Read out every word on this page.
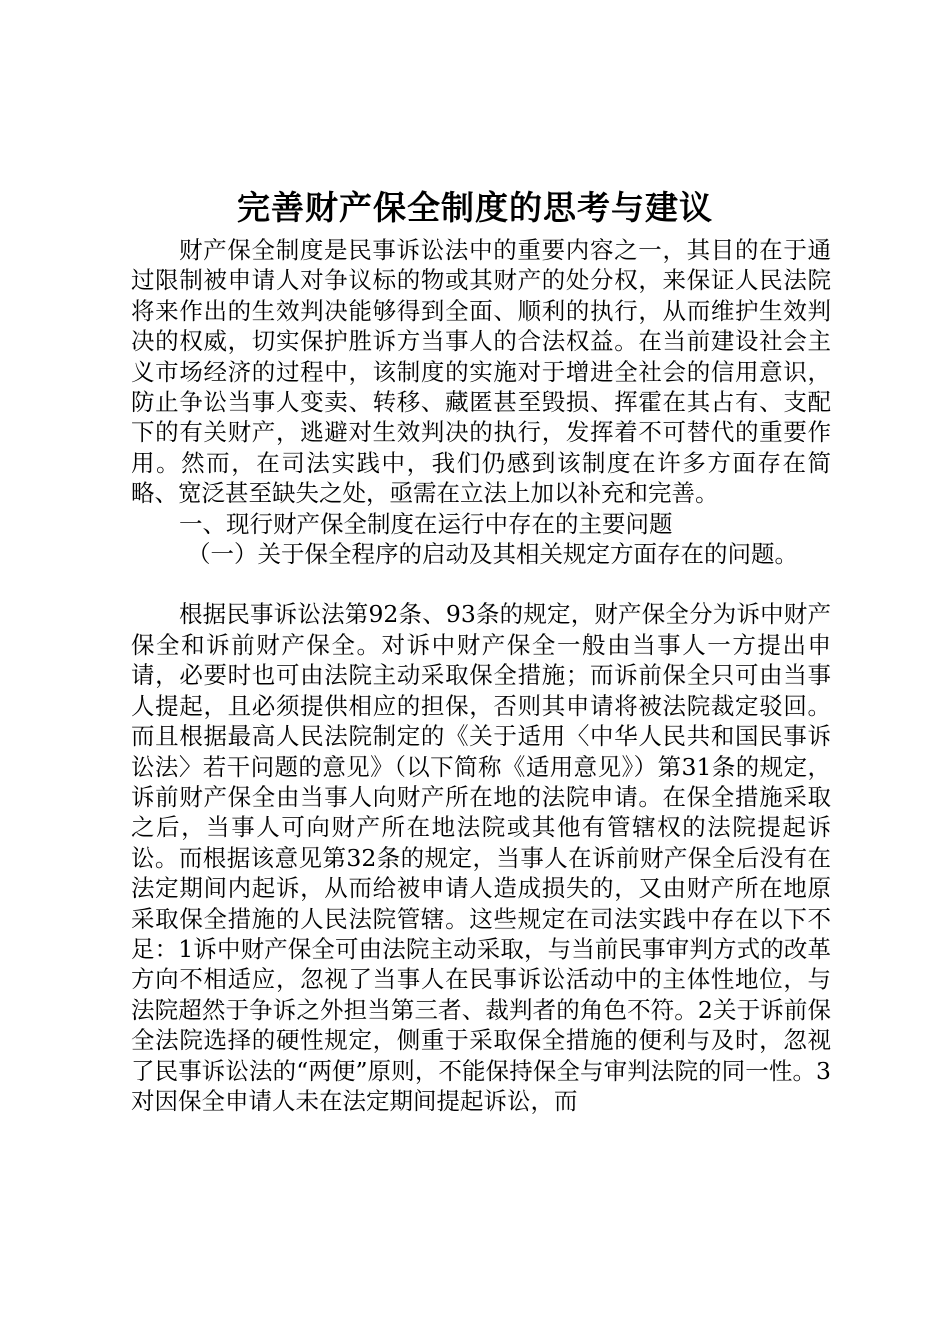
完善财产保全制度的思考与建议

财产保全制度是民事诉讼法中的重要内容之一，其目的在于通过限制被申请人对争议标的物或其财产的处分权，来保证人民法院将来作出的生效判决能够得到全面、顺利的执行，从而维护生效判决的权威，切实保护胜诉方当事人的合法权益。在当前建设社会主义市场经济的过程中，该制度的实施对于增进全社会的信用意识，防止争讼当事人变卖、转移、藏匿甚至毁损、挥霍在其占有、支配下的有关财产，逃避对生效判决的执行，发挥着不可替代的重要作用。然而，在司法实践中，我们仍感到该制度在许多方面存在简略、宽泛甚至缺失之处，亟需在立法上加以补充和完善。

一、现行财产保全制度在运行中存在的主要问题

（一）关于保全程序的启动及其相关规定方面存在的问题。

根据民事诉讼法第92条、93条的规定，财产保全分为诉中财产保全和诉前财产保全。对诉中财产保全一般由当事人一方提出申请，必要时也可由法院主动采取保全措施；而诉前保全只可由当事人提起，且必须提供相应的担保，否则其申请将被法院裁定驳回。而且根据最高人民法院制定的《关于适用〈中华人民共和国民事诉讼法〉若干问题的意见》（以下简称《适用意见》）第31条的规定，诉前财产保全由当事人向财产所在地的法院申请。在保全措施采取之后，当事人可向财产所在地法院或其他有管辖权的法院提起诉讼。而根据该意见第32条的规定，当事人在诉前财产保全后没有在法定期间内起诉，从而给被申请人造成损失的，又由财产所在地原采取保全措施的人民法院管辖。这些规定在司法实践中存在以下不足：1诉中财产保全可由法院主动采取，与当前民事审判方式的改革方向不相适应，忽视了当事人在民事诉讼活动中的主体性地位，与法院超然于争诉之外担当第三者、裁判者的角色不符。2关于诉前保全法院选择的硬性规定，侧重于采取保全措施的便利与及时，忽视了民事诉讼法的“两便”原则，不能保持保全与审判法院的同一性。3对因保全申请人未在法定期间提起诉讼，而
